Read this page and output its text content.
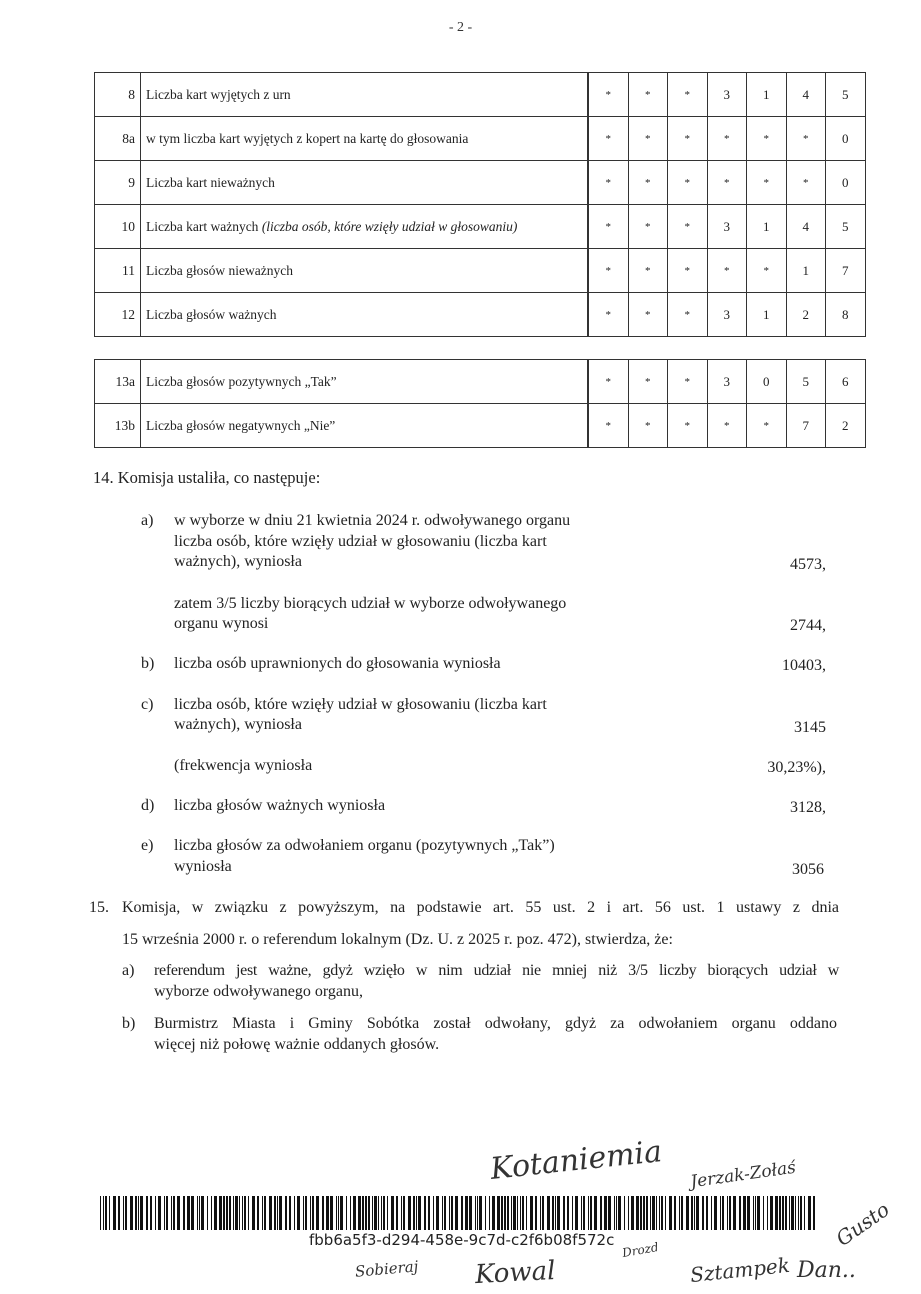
- 2 -
8	Liczba kart wyjętych z urn	*	*	*	3	1	4	5
8a	w tym liczba kart wyjętych z kopert na kartę do głosowania	*	*	*	*	*	*	0
9	Liczba kart nieważnych	*	*	*	*	*	*	0
10	Liczba kart ważnych (liczba osób, które wzięły udział w głosowaniu)	*	*	*	3	1	4	5
11	Liczba głosów nieważnych	*	*	*	*	*	1	7
12	Liczba głosów ważnych	*	*	*	3	1	2	8
13a	Liczba głosów pozytywnych „Tak”	*	*	*	3	0	5	6
13b	Liczba głosów negatywnych „Nie”	*	*	*	*	*	7	2
14. Komisja ustaliła, co następuje:
a) w wyborze w dniu 21 kwietnia 2024 r. odwoływanego organu
liczba osób, które wzięły udział w głosowaniu (liczba kart
ważnych), wyniosła	4573,
zatem 3/5 liczby biorących udział w wyborze odwoływanego
organu wynosi	2744,
b) liczba osób uprawnionych do głosowania wyniosła	10403,
c) liczba osób, które wzięły udział w głosowaniu (liczba kart
ważnych), wyniosła	3145
(frekwencja wyniosła	30,23%),
d) liczba głosów ważnych wyniosła	3128,
e) liczba głosów za odwołaniem organu (pozytywnych „Tak”)
wyniosła	3056
15. Komisja, w związku z powyższym, na podstawie art. 55 ust. 2 i art. 56 ust. 1 ustawy z dnia
15 września 2000 r. o referendum lokalnym (Dz. U. z 2025 r. poz. 472), stwierdza, że:
a) referendum jest ważne, gdyż wzięło w nim udział nie mniej niż 3/5 liczby biorących udział w
wyborze odwoływanego organu,
b) Burmistrz Miasta i Gminy Sobótka został odwołany, gdyż za odwołaniem organu oddano
więcej niż połowę ważnie oddanych głosów.
fbb6a5f3-d294-458e-9c7d-c2f6b08f572c
Kotaniemia Jerzak-Zołaś
Gusto
Sobieraj Kowal
Drozd
Sztampek Dan..
